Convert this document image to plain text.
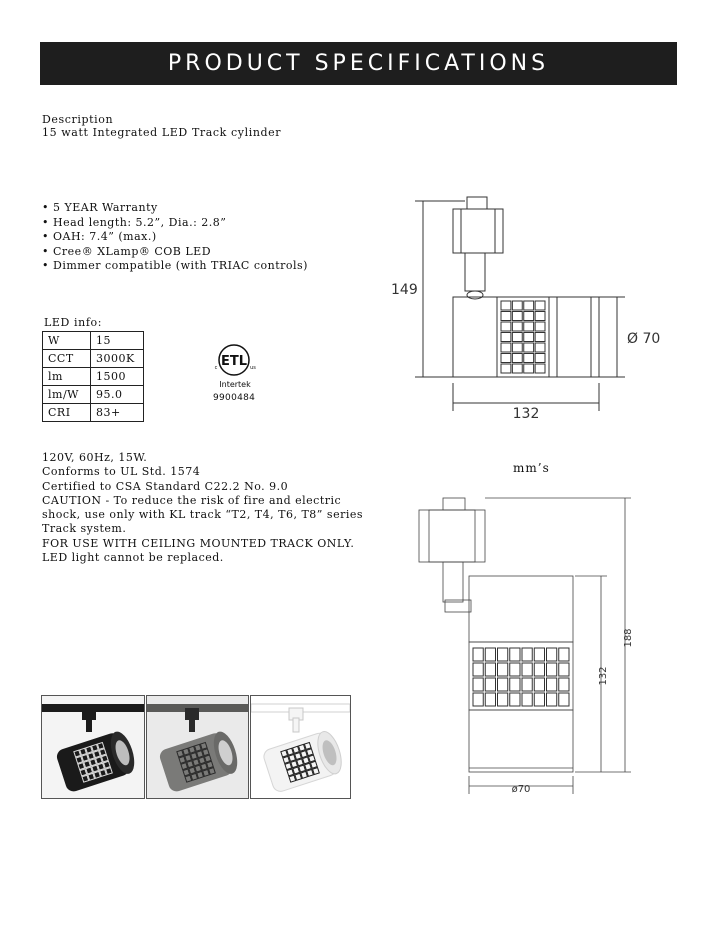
PRODUCT SPECIFICATIONS
Description
15 watt Integrated LED Track cylinder
• 5 YEAR Warranty
• Head length: 5.2”, Dia.: 2.8”
• OAH: 7.4” (max.)
• Cree® XLamp® COB LED
• Dimmer compatible (with TRIAC controls)
LED info:
W	15
CCT	3000K
lm	1500
lm/W	95.0
CRI	83+
ETL
c	us
Intertek
9900484
120V, 60Hz, 15W.
Conforms to UL Std. 1574
Certified to CSA Standard C22.2 No. 9.0
CAUTION - To reduce the risk of fire and electric
shock, use only with KL track “T2, T4, T6, T8” series
Track system.
FOR USE WITH CEILING MOUNTED TRACK ONLY.
LED light cannot be replaced.
149
Ø 70
132
mm’s
188
132
ø70
